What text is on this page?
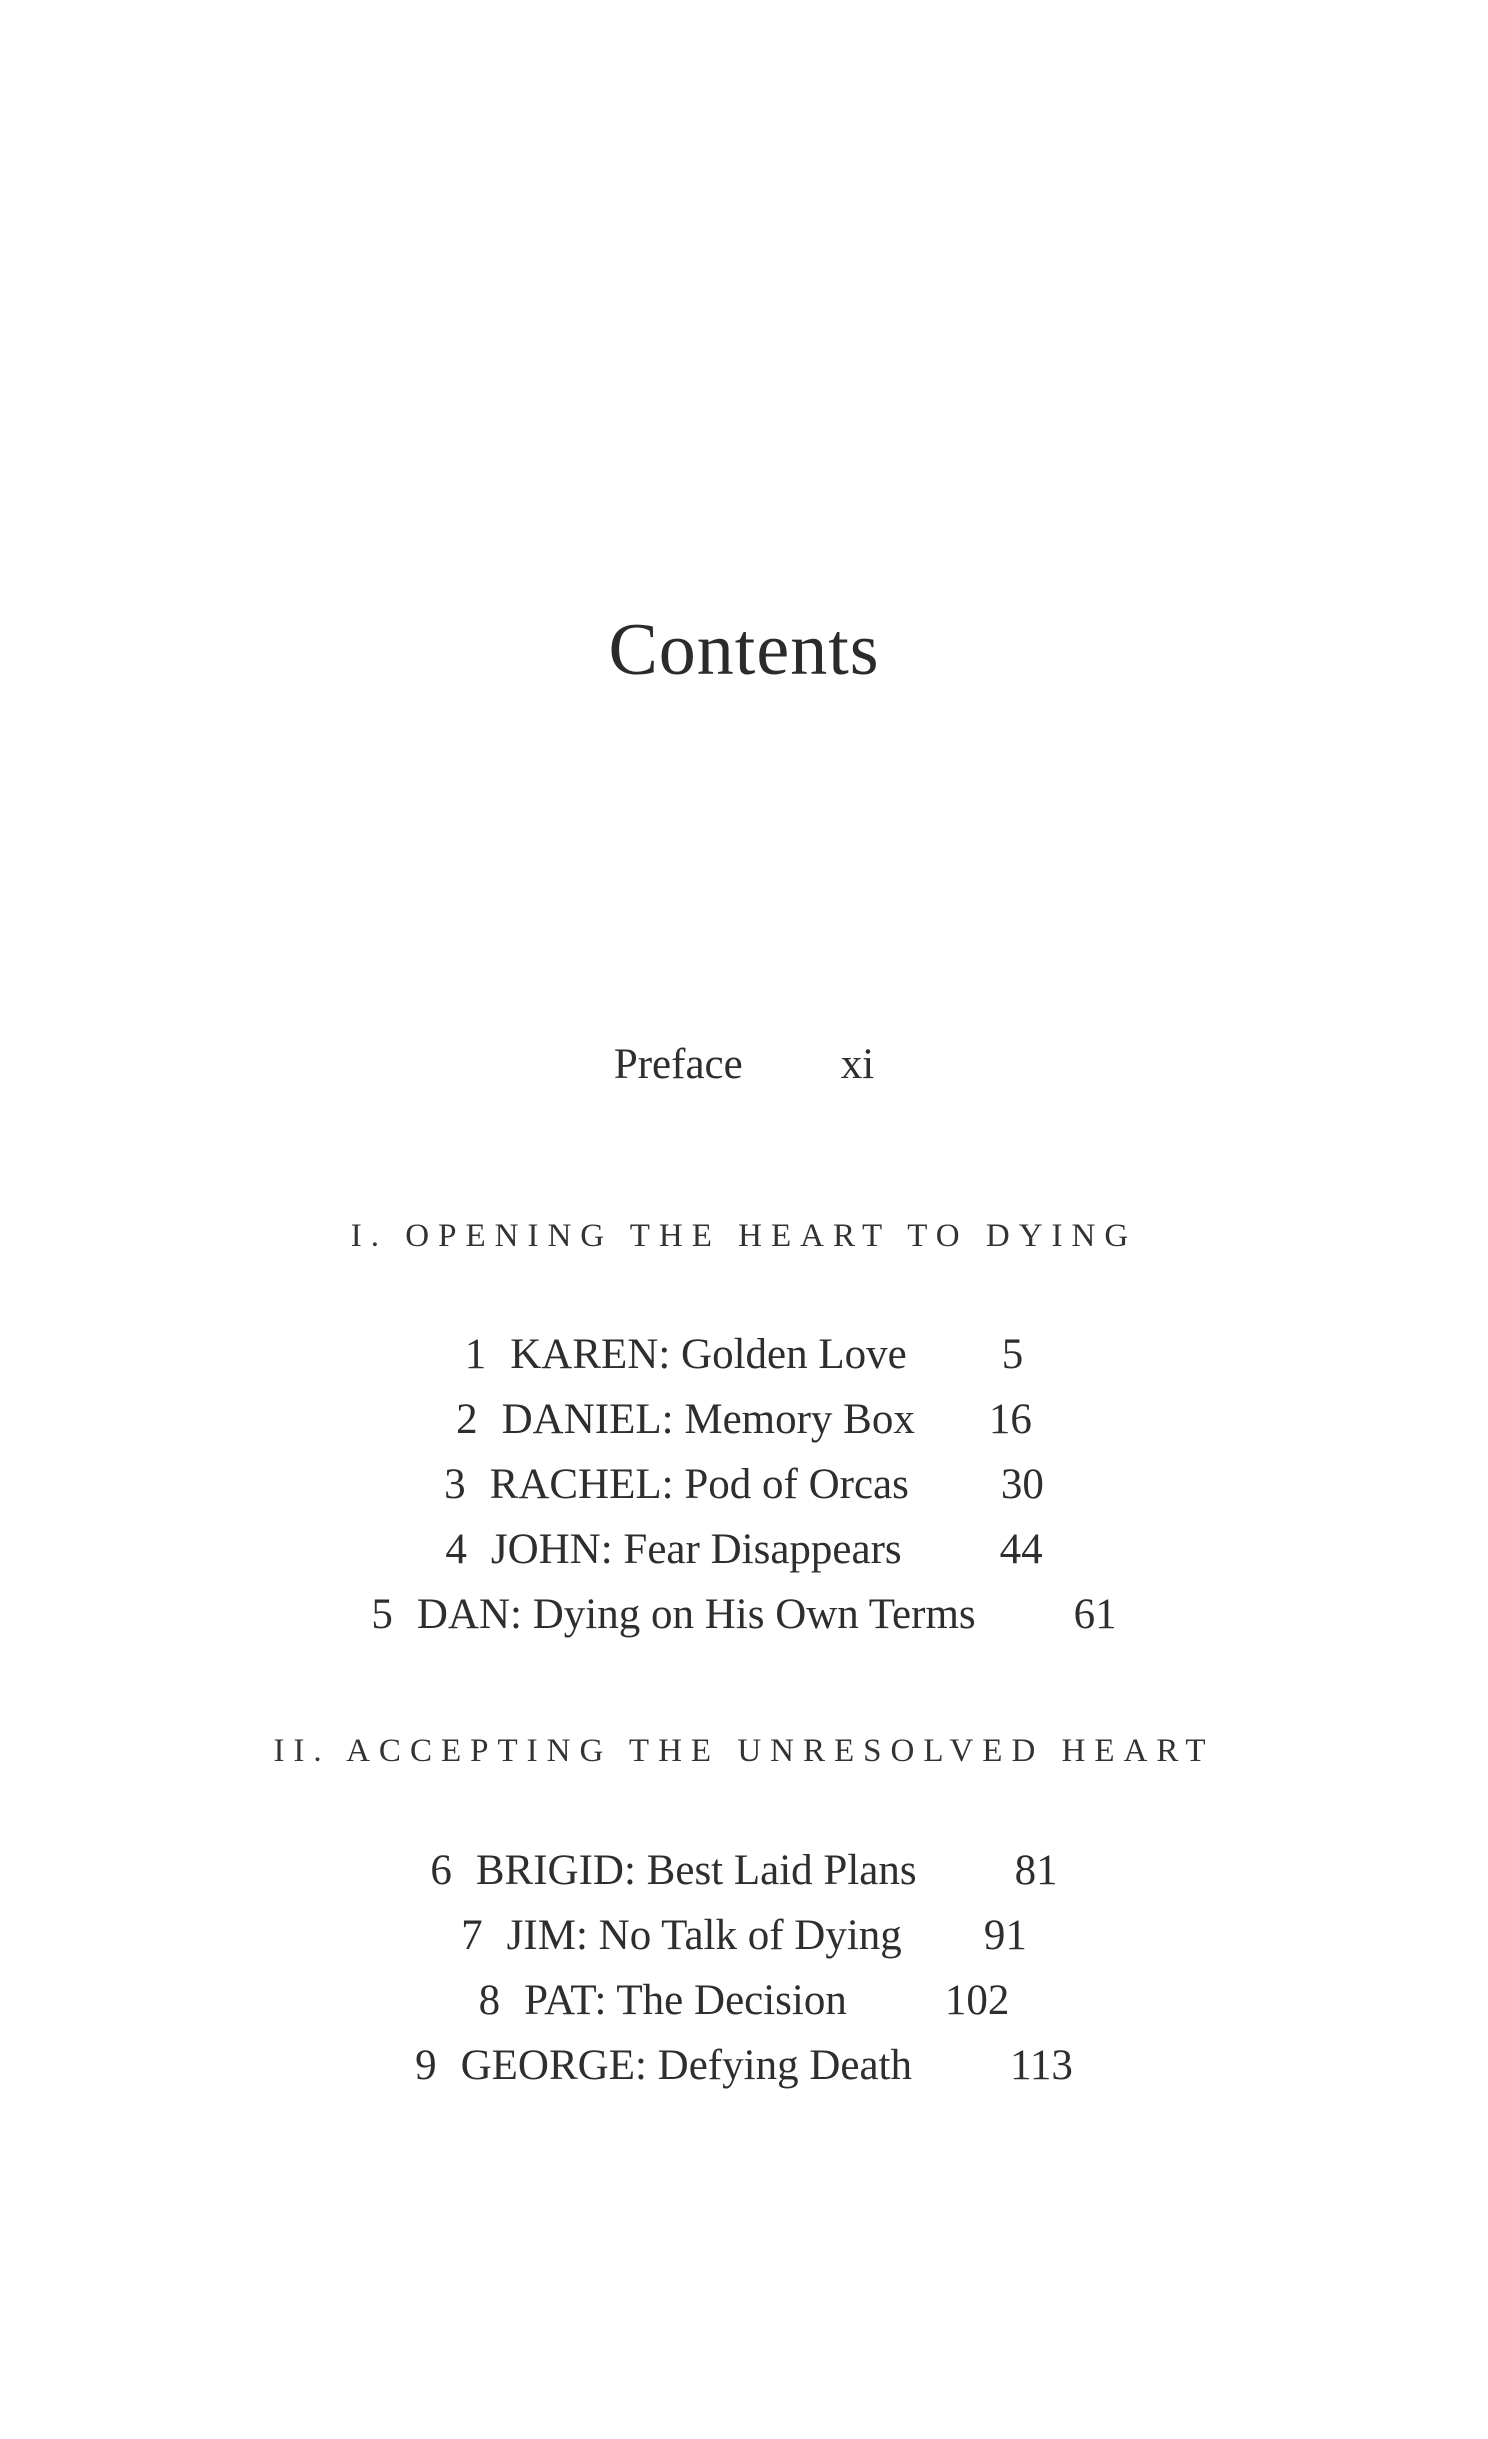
Contents
Preface xi
I. OPENING THE HEART TO DYING
1 KAREN: Golden Love 5
2 DANIEL: Memory Box 16
3 RACHEL: Pod of Orcas 30
4 JOHN: Fear Disappears 44
5 DAN: Dying on His Own Terms 61
II. ACCEPTING THE UNRESOLVED HEART
6 BRIGID: Best Laid Plans 81
7 JIM: No Talk of Dying 91
8 PAT: The Decision 102
9 GEORGE: Defying Death 113
